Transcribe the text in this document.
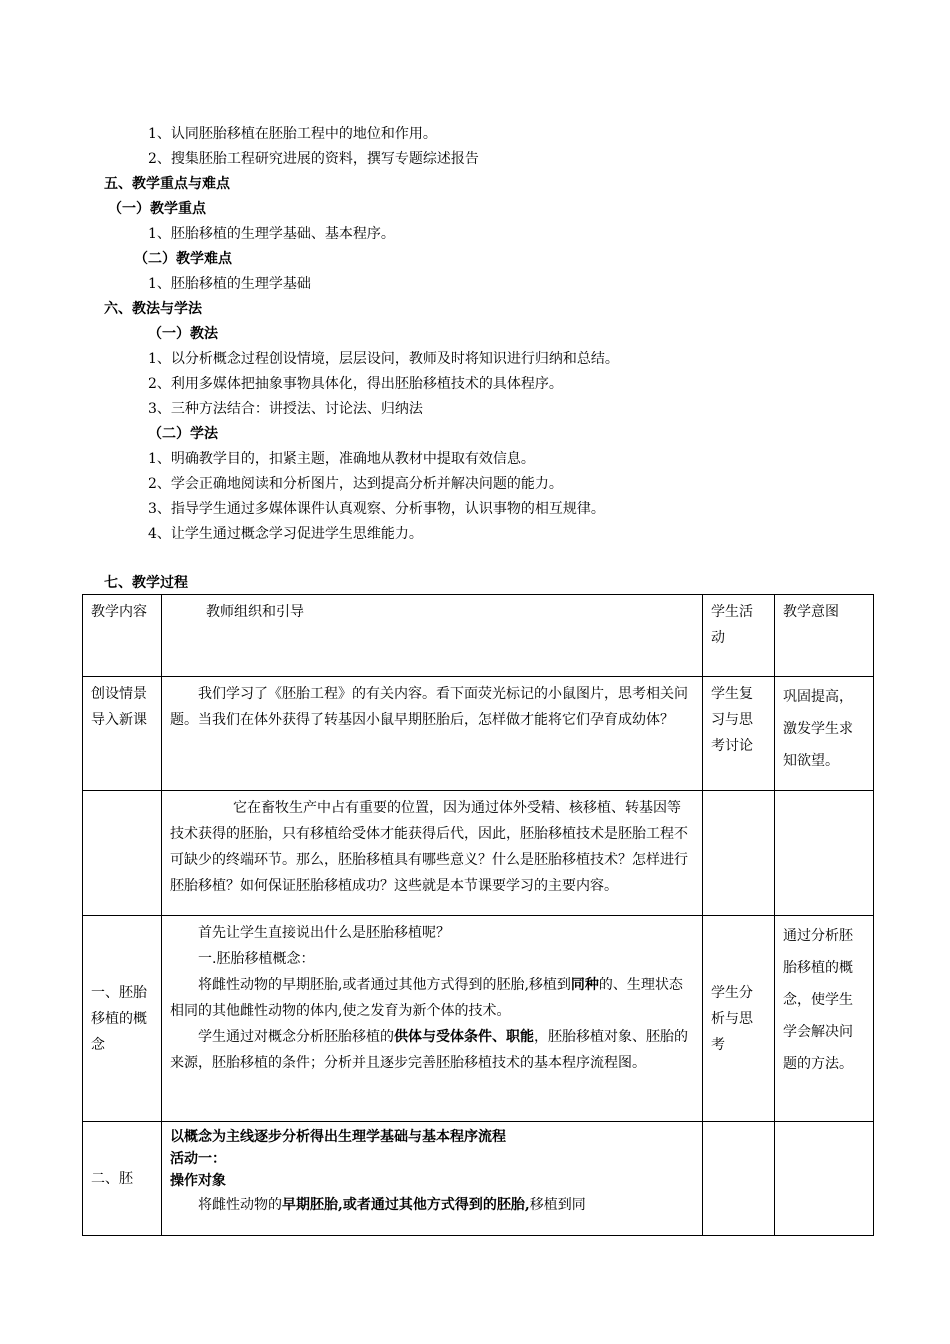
1、认同胚胎移植在胚胎工程中的地位和作用。
2、搜集胚胎工程研究进展的资料，撰写专题综述报告
五、教学重点与难点
（一）教学重点
1、胚胎移植的生理学基础、基本程序。
（二）教学难点
1、胚胎移植的生理学基础
六、教法与学法
（一）教法
1、以分析概念过程创设情境，层层设问，教师及时将知识进行归纳和总结。
2、利用多媒体把抽象事物具体化，得出胚胎移植技术的具体程序。
3、三种方法结合：讲授法、讨论法、归纳法
（二）学法
1、明确教学目的，扣紧主题，准确地从教材中提取有效信息。
2、学会正确地阅读和分析图片，达到提高分析并解决问题的能力。
3、指导学生通过多媒体课件认真观察、分析事物，认识事物的相互规律。
4、让学生通过概念学习促进学生思维能力。
七、教学过程
教学内容	教师组织和引导	学生活动	教学意图
创设情景导入新课	我们学习了《胚胎工程》的有关内容。看下面荧光标记的小鼠图片，思考相关问题。当我们在体外获得了转基因小鼠早期胚胎后，怎样做才能将它们孕育成幼体？	学生复习与思考讨论	巩固提高，激发学生求知欲望。
	它在畜牧生产中占有重要的位置，因为通过体外受精、核移植、转基因等技术获得的胚胎，只有移植给受体才能获得后代，因此，胚胎移植技术是胚胎工程不可缺少的终端环节。那么，胚胎移植具有哪些意义？什么是胚胎移植技术？怎样进行胚胎移植？如何保证胚胎移植成功？这些就是本节课要学习的主要内容。		
一、胚胎移植的概念	首先让学生直接说出什么是胚胎移植呢？

一.胚胎移植概念：

将雌性动物的早期胚胎,或者通过其他方式得到的胚胎,移植到同种的、生理状态相同的其他雌性动物的体内,使之发育为新个体的技术。

学生通过对概念分析胚胎移植的供体与受体条件、职能，胚胎移植对象、胚胎的来源，胚胎移植的条件；分析并且逐步完善胚胎移植技术的基本程序流程图。	学生分析与思考	通过分析胚胎移植的概念，使学生学会解决问题的方法。
二、胚	以概念为主线逐步分析得出生理学基础与基本程序流程

活动一：

操作对象

将雌性动物的早期胚胎,或者通过其他方式得到的胚胎,移植到同		
